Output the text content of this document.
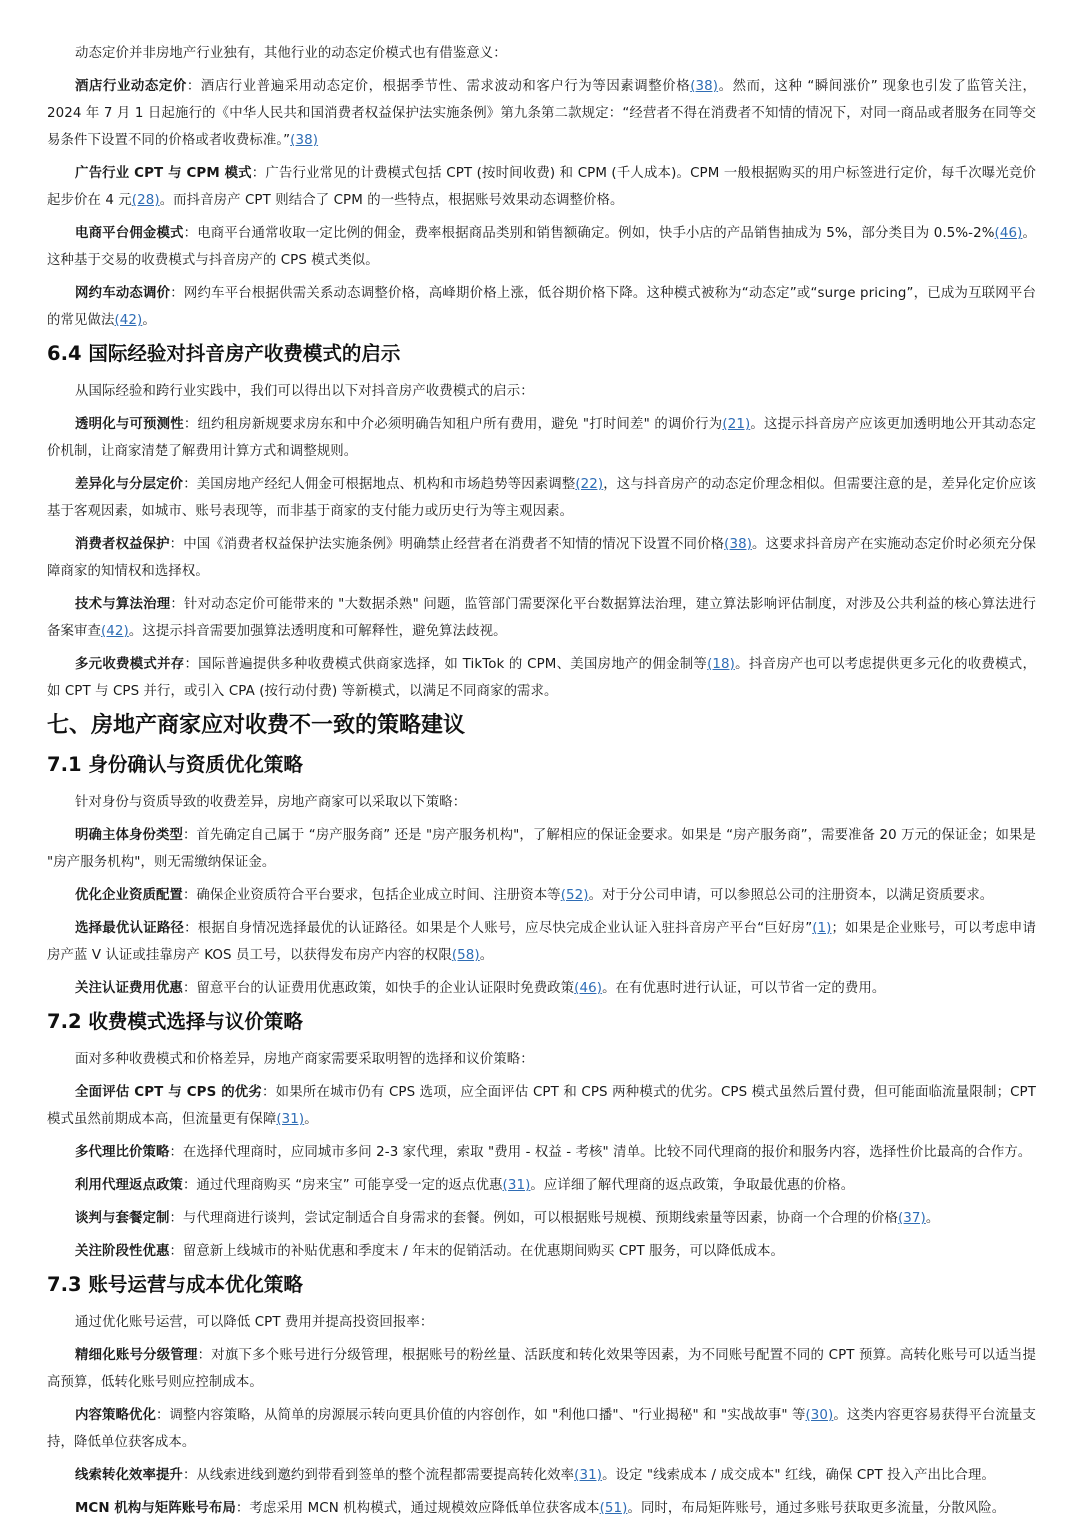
动态定价并非房地产行业独有，其他行业的动态定价模式也有借鉴意义：

酒店行业动态定价：酒店行业普遍采用动态定价，根据季节性、需求波动和客户行为等因素调整价格(38)。然而，这种 “瞬间涨价” 现象也引发了监管关注，2024 年 7 月 1 日起施行的《中华人民共和国消费者权益保护法实施条例》第九条第二款规定：“经营者不得在消费者不知情的情况下，对同一商品或者服务在同等交易条件下设置不同的价格或者收费标准。”(38)

广告行业 CPT 与 CPM 模式：广告行业常见的计费模式包括 CPT (按时间收费) 和 CPM (千人成本)。CPM 一般根据购买的用户标签进行定价，每千次曝光竞价起步价在 4 元(28)。而抖音房产 CPT 则结合了 CPM 的一些特点，根据账号效果动态调整价格。

电商平台佣金模式：电商平台通常收取一定比例的佣金，费率根据商品类别和销售额确定。例如，快手小店的产品销售抽成为 5%，部分类目为 0.5%-2%(46)。这种基于交易的收费模式与抖音房产的 CPS 模式类似。

网约车动态调价：网约车平台根据供需关系动态调整价格，高峰期价格上涨，低谷期价格下降。这种模式被称为“动态定”或“surge pricing”，已成为互联网平台的常见做法(42)。

6.4 国际经验对抖音房产收费模式的启示

从国际经验和跨行业实践中，我们可以得出以下对抖音房产收费模式的启示：

透明化与可预测性：纽约租房新规要求房东和中介必须明确告知租户所有费用，避免 "打时间差" 的调价行为(21)。这提示抖音房产应该更加透明地公开其动态定价机制，让商家清楚了解费用计算方式和调整规则。

差异化与分层定价：美国房地产经纪人佣金可根据地点、机构和市场趋势等因素调整(22)，这与抖音房产的动态定价理念相似。但需要注意的是，差异化定价应该基于客观因素，如城市、账号表现等，而非基于商家的支付能力或历史行为等主观因素。

消费者权益保护：中国《消费者权益保护法实施条例》明确禁止经营者在消费者不知情的情况下设置不同价格(38)。这要求抖音房产在实施动态定价时必须充分保障商家的知情权和选择权。

技术与算法治理：针对动态定价可能带来的 "大数据杀熟" 问题，监管部门需要深化平台数据算法治理，建立算法影响评估制度，对涉及公共利益的核心算法进行备案审查(42)。这提示抖音需要加强算法透明度和可解释性，避免算法歧视。

多元收费模式并存：国际普遍提供多种收费模式供商家选择，如 TikTok 的 CPM、美国房地产的佣金制等(18)。抖音房产也可以考虑提供更多元化的收费模式，如 CPT 与 CPS 并行，或引入 CPA (按行动付费) 等新模式，以满足不同商家的需求。

七、房地产商家应对收费不一致的策略建议
7.1 身份确认与资质优化策略

针对身份与资质导致的收费差异，房地产商家可以采取以下策略：

明确主体身份类型：首先确定自己属于 “房产服务商” 还是 "房产服务机构"，了解相应的保证金要求。如果是 “房产服务商”，需要准备 20 万元的保证金；如果是 "房产服务机构"，则无需缴纳保证金。

优化企业资质配置：确保企业资质符合平台要求，包括企业成立时间、注册资本等(52)。对于分公司申请，可以参照总公司的注册资本，以满足资质要求。

选择最优认证路径：根据自身情况选择最优的认证路径。如果是个人账号，应尽快完成企业认证入驻抖音房产平台“巨好房”(1)；如果是企业账号，可以考虑申请房产蓝 V 认证或挂靠房产 KOS 员工号，以获得发布房产内容的权限(58)。

关注认证费用优惠：留意平台的认证费用优惠政策，如快手的企业认证限时免费政策(46)。在有优惠时进行认证，可以节省一定的费用。

7.2 收费模式选择与议价策略

面对多种收费模式和价格差异，房地产商家需要采取明智的选择和议价策略：

全面评估 CPT 与 CPS 的优劣：如果所在城市仍有 CPS 选项，应全面评估 CPT 和 CPS 两种模式的优劣。CPS 模式虽然后置付费，但可能面临流量限制；CPT 模式虽然前期成本高，但流量更有保障(31)。

多代理比价策略：在选择代理商时，应同城市多问 2-3 家代理，索取 "费用 - 权益 - 考核" 清单。比较不同代理商的报价和服务内容，选择性价比最高的合作方。

利用代理返点政策：通过代理商购买 “房来宝” 可能享受一定的返点优惠(31)。应详细了解代理商的返点政策，争取最优惠的价格。

谈判与套餐定制：与代理商进行谈判，尝试定制适合自身需求的套餐。例如，可以根据账号规模、预期线索量等因素，协商一个合理的价格(37)。

关注阶段性优惠：留意新上线城市的补贴优惠和季度末 / 年末的促销活动。在优惠期间购买 CPT 服务，可以降低成本。

7.3 账号运营与成本优化策略

通过优化账号运营，可以降低 CPT 费用并提高投资回报率：

精细化账号分级管理：对旗下多个账号进行分级管理，根据账号的粉丝量、活跃度和转化效果等因素，为不同账号配置不同的 CPT 预算。高转化账号可以适当提高预算，低转化账号则应控制成本。

内容策略优化：调整内容策略，从简单的房源展示转向更具价值的内容创作，如 "利他口播"、"行业揭秘" 和 "实战故事" 等(30)。这类内容更容易获得平台流量支持，降低单位获客成本。

线索转化效率提升：从线索进线到邀约到带看到签单的整个流程都需要提高转化效率(31)。设定 "线索成本 / 成交成本" 红线，确保 CPT 投入产出比合理。

MCN 机构与矩阵账号布局：考虑采用 MCN 机构模式，通过规模效应降低单位获客成本(51)。同时，布局矩阵账号，通过多账号获取更多流量，分散风险。
